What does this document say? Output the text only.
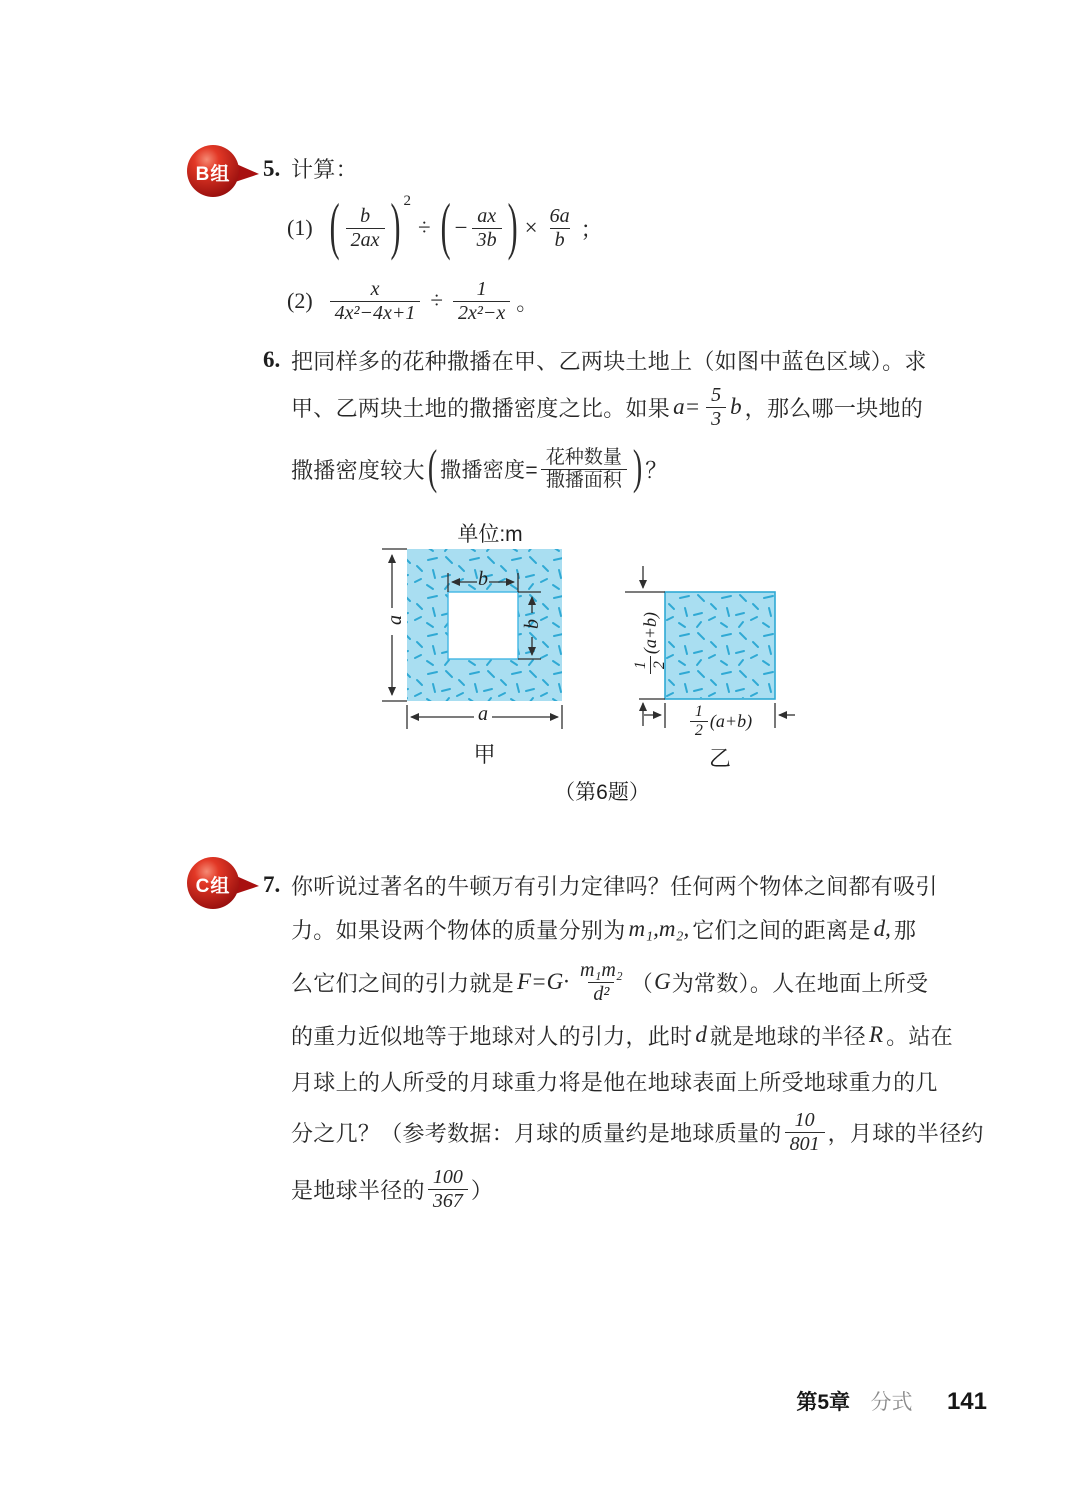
B组	5. 计算：
(1) ( $\frac{b}{2ax}$ ) 2
÷ ( − $\frac{ax}{3b}$ ) × $\frac{6a}{b}$ ；
$(2) \frac{x}{\text{4x²−4x+1}} \div \frac{1}{\text{2x²−x}}$ 。
6. 把同样多的花种撒播在甲、乙两块土地上（如图中蓝色区域）。求
甲、乙两块土地的撒播密度之比。如果 $a= \frac{5}{3}$ b ，那么哪一块地的
撒播密度较大 ( 撒播密度= $\frac{\text{花种数量}}{\text{撒播面积}}$ ) ？
单位:m
a
b
b
a
1 2
(a+b)
$\frac{1}{2} (a+b)$
甲	乙
（第6题）
C组	7. 你听说过著名的牛顿万有引力定律吗？任何两个物体之间都有吸引
力。如果设两个物体的质量分别为 m₁,m₂, 它们之间的距离是 d, 那
么它们之间的引力就是 $F=G\cdot \frac{\text{m₁m₂}}{\text{d²}}$ （ G 为常数）。人在地面上所受
的重力近似地等于地球对人的引力，此时 d 就是地球的半径 R 。站在
月球上的人所受的月球重力将是他在地球表面上所受地球重力的几
分之几？（参考数据：月球的质量约是地球质量的 $\frac{10}{801}$ ，月球的半径约
是地球半径的 $\frac{100}{367}$ ）
第5章 分式 141
